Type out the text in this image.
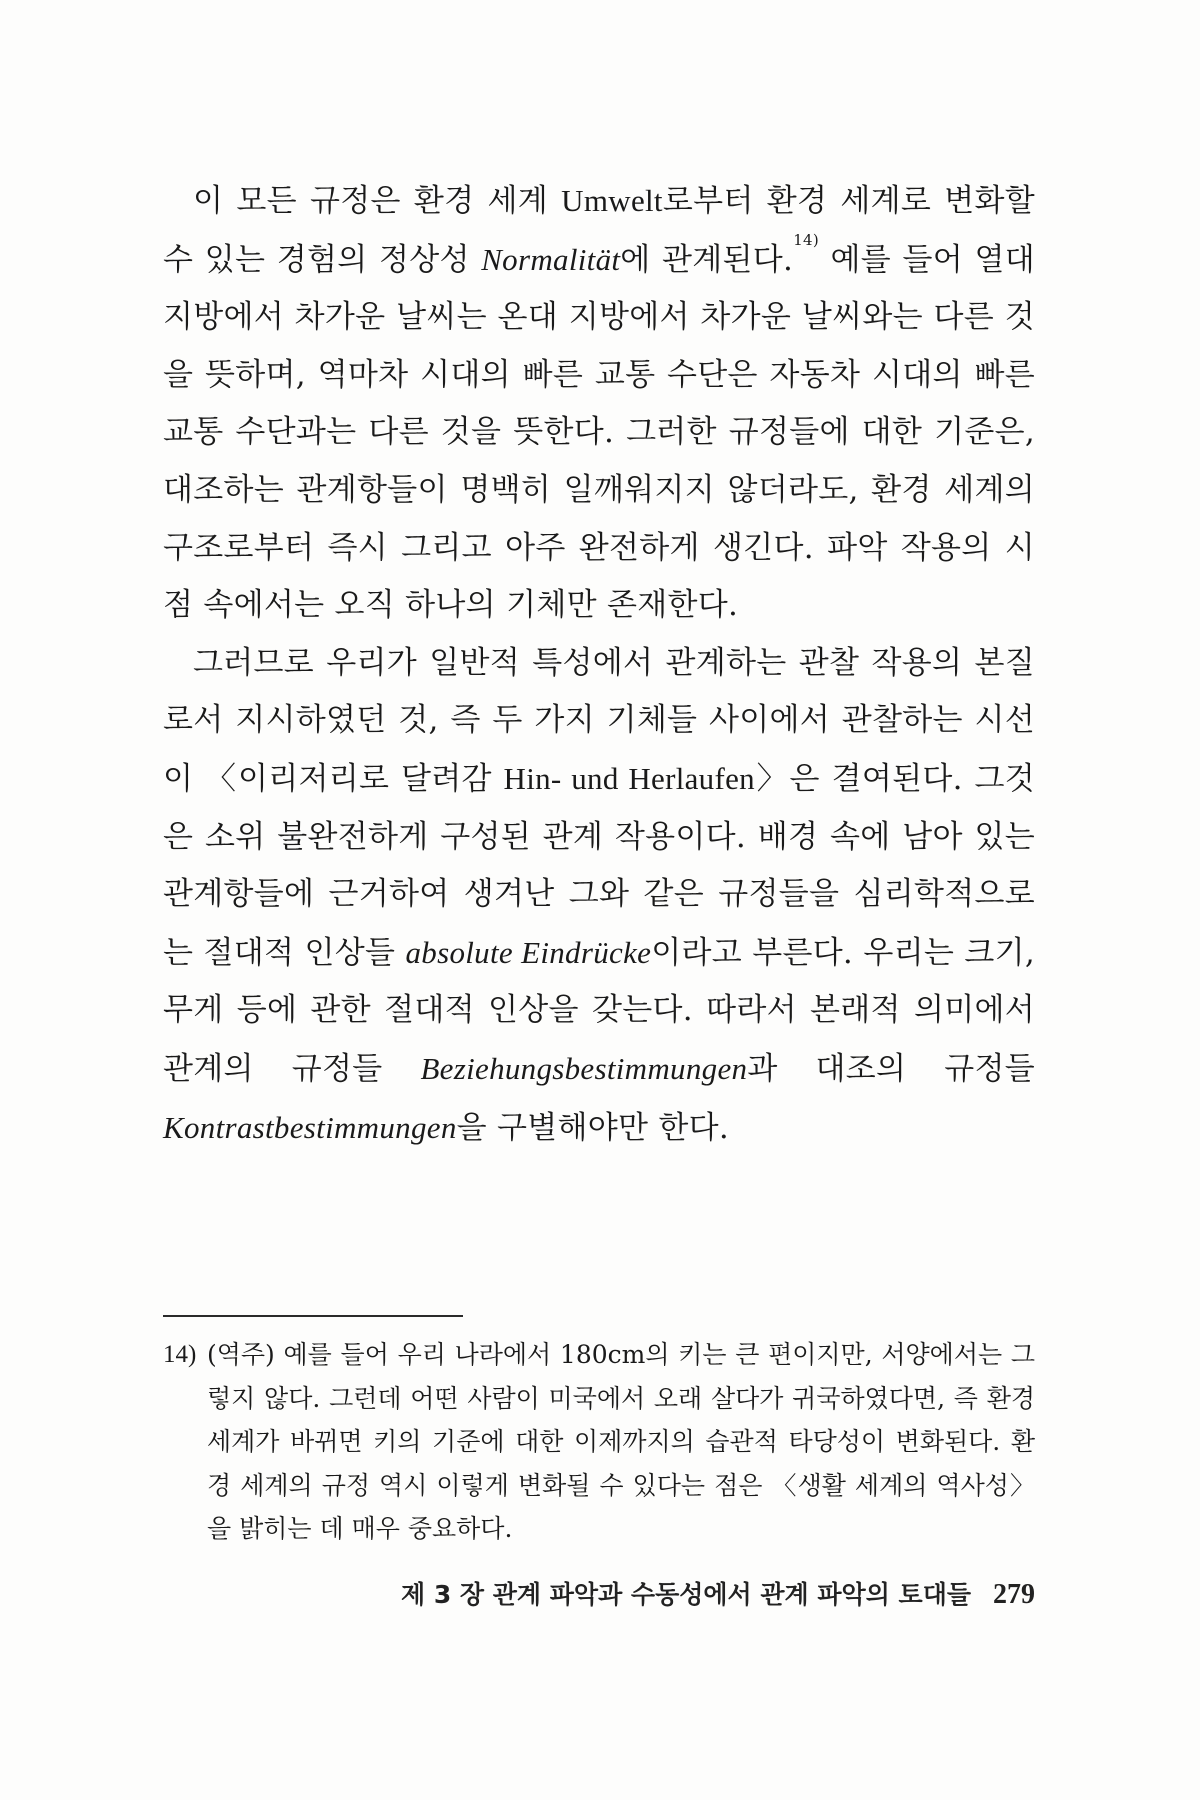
이 모든 규정은 환경 세계 Umwelt로부터 환경 세계로 변화할 수 있는 경험의 정상성 Normalität에 관계된다.$^{14)}$ 예를 들어 열대 지방에서 차가운 날씨는 온대 지방에서 차가운 날씨와는 다른 것을 뜻하며, 역마차 시대의 빠른 교통 수단은 자동차 시대의 빠른 교통 수단과는 다른 것을 뜻한다. 그러한 규정들에 대한 기준은, 대조하는 관계항들이 명백히 일깨워지지 않더라도, 환경 세계의 구조로부터 즉시 그리고 아주 완전하게 생긴다. 파악 작용의 시점 속에서는 오직 하나의 기체만 존재한다.

그러므로 우리가 일반적 특성에서 관계하는 관찰 작용의 본질로서 지시하였던 것, 즉 두 가지 기체들 사이에서 관찰하는 시선이 〈이리저리로 달려감 Hin- und Herlaufen〉은 결여된다. 그것은 소위 불완전하게 구성된 관계 작용이다. 배경 속에 남아 있는 관계항들에 근거하여 생겨난 그와 같은 규정들을 심리학적으로는 절대적 인상들 absolute Eindrücke이라고 부른다. 우리는 크기, 무게 등에 관한 절대적 인상을 갖는다. 따라서 본래적 의미에서 관계의 규정들 Beziehungsbestimmungen과 대조의 규정들 Kontrastbestimmungen을 구별해야만 한다.

14) (역주) 예를 들어 우리 나라에서 180cm의 키는 큰 편이지만, 서양에서는 그렇지 않다. 그런데 어떤 사람이 미국에서 오래 살다가 귀국하였다면, 즉 환경 세계가 바뀌면 키의 기준에 대한 이제까지의 습관적 타당성이 변화된다. 환경 세계의 규정 역시 이렇게 변화될 수 있다는 점은 〈생활 세계의 역사성〉을 밝히는 데 매우 중요하다.
제 3 장 관계 파악과 수동성에서 관계 파악의 토대들 279
